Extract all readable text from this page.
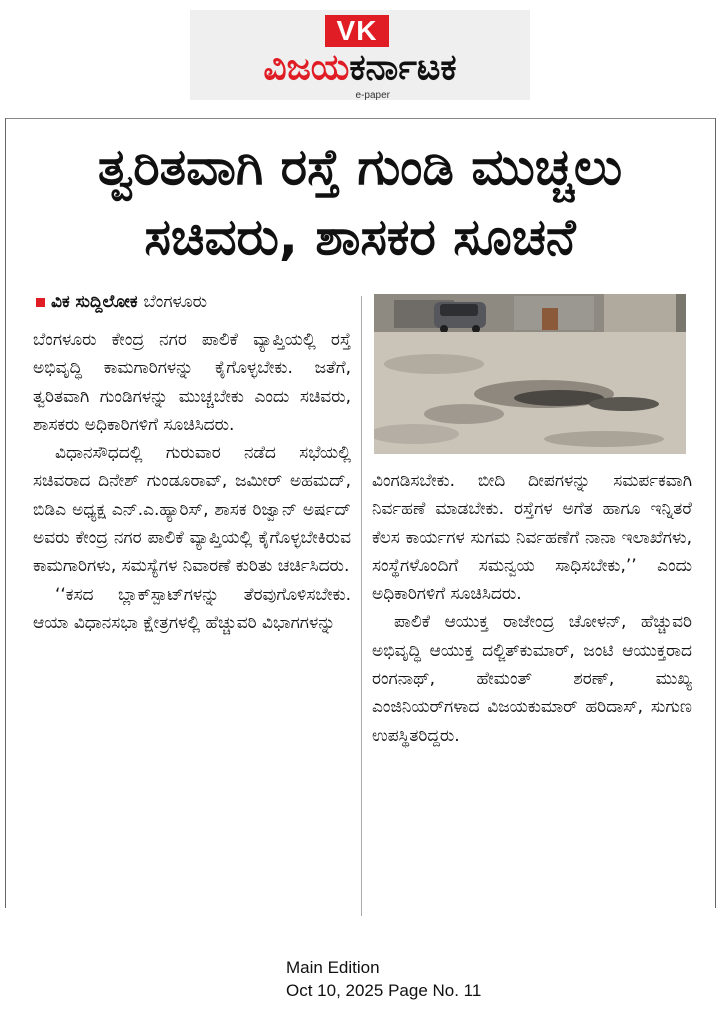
VK
ವಿಜಯಕರ್ನಾಟಕ
e-paper
ತ್ವರಿತವಾಗಿ ರಸ್ತೆ ಗುಂಡಿ ಮುಚ್ಚಲು
ಸಚಿವರು, ಶಾಸಕರ ಸೂಚನೆ
ವಿಕ ಸುದ್ದಿಲೋಕ ಬೆಂಗಳೂರು

ಬೆಂಗಳೂರು ಕೇಂದ್ರ ನಗರ ಪಾಲಿಕೆ ವ್ಯಾಪ್ತಿಯಲ್ಲಿ ರಸ್ತೆ ಅಭಿವೃದ್ಧಿ ಕಾಮಗಾರಿಗಳನ್ನು ಕೈಗೊಳ್ಳಬೇಕು. ಜತೆಗೆ, ತ್ವರಿತವಾಗಿ ಗುಂಡಿಗಳನ್ನು ಮುಚ್ಚಬೇಕು ಎಂದು ಸಚಿವರು, ಶಾಸಕರು ಅಧಿಕಾರಿಗಳಿಗೆ ಸೂಚಿಸಿದರು.

ವಿಧಾನಸೌಧದಲ್ಲಿ ಗುರುವಾರ ನಡೆದ ಸಭೆಯಲ್ಲಿ ಸಚಿವರಾದ ದಿನೇಶ್ ಗುಂಡೂರಾವ್, ಜಮೀರ್ ಅಹಮದ್, ಬಿಡಿಎ ಅಧ್ಯಕ್ಷ ಎನ್.ಎ.ಹ್ಯಾರಿಸ್, ಶಾಸಕ ರಿಜ್ವಾನ್ ಅರ್ಷದ್ ಅವರು ಕೇಂದ್ರ ನಗರ ಪಾಲಿಕೆ ವ್ಯಾಪ್ತಿಯಲ್ಲಿ ಕೈಗೊಳ್ಳಬೇಕಿರುವ ಕಾಮಗಾರಿಗಳು, ಸಮಸ್ಯೆಗಳ ನಿವಾರಣೆ ಕುರಿತು ಚರ್ಚಿಸಿದರು.

‘‘ಕಸದ ಬ್ಲಾಕ್‌ಸ್ಪಾಟ್‌ಗಳನ್ನು ತೆರವುಗೊಳಿಸಬೇಕು. ಆಯಾ ವಿಧಾನಸಭಾ ಕ್ಷೇತ್ರಗಳಲ್ಲಿ ಹೆಚ್ಚುವರಿ ವಿಭಾಗಗಳನ್ನು

ವಿಂಗಡಿಸಬೇಕು. ಬೀದಿ ದೀಪಗಳನ್ನು ಸಮರ್ಪಕವಾಗಿ ನಿರ್ವಹಣೆ ಮಾಡಬೇಕು. ರಸ್ತೆಗಳ ಅಗೆತ ಹಾಗೂ ಇನ್ನಿತರೆ ಕೆಲಸ ಕಾರ್ಯಗಳ ಸುಗಮ ನಿರ್ವಹಣೆಗೆ ನಾನಾ ಇಲಾಖೆಗಳು, ಸಂಸ್ಥೆಗಳೊಂದಿಗೆ ಸಮನ್ವಯ ಸಾಧಿಸಬೇಕು,’’ ಎಂದು ಅಧಿಕಾರಿಗಳಿಗೆ ಸೂಚಿಸಿದರು.

ಪಾಲಿಕೆ ಆಯುಕ್ತ ರಾಜೇಂದ್ರ ಚೋಳನ್, ಹೆಚ್ಚುವರಿ ಅಭಿವೃದ್ಧಿ ಆಯುಕ್ತ ದಲ್ಜಿತ್‌ಕುಮಾರ್, ಜಂಟಿ ಆಯುಕ್ತರಾದ ರಂಗನಾಥ್, ಹೇಮಂತ್ ಶರಣ್, ಮುಖ್ಯ ಎಂಜಿನಿಯರ್‌ಗಳಾದ ವಿಜಯಕುಮಾರ್ ಹರಿದಾಸ್, ಸುಗುಣ ಉಪಸ್ಥಿತರಿದ್ದರು.

Main Edition
Oct 10, 2025 Page No. 11
